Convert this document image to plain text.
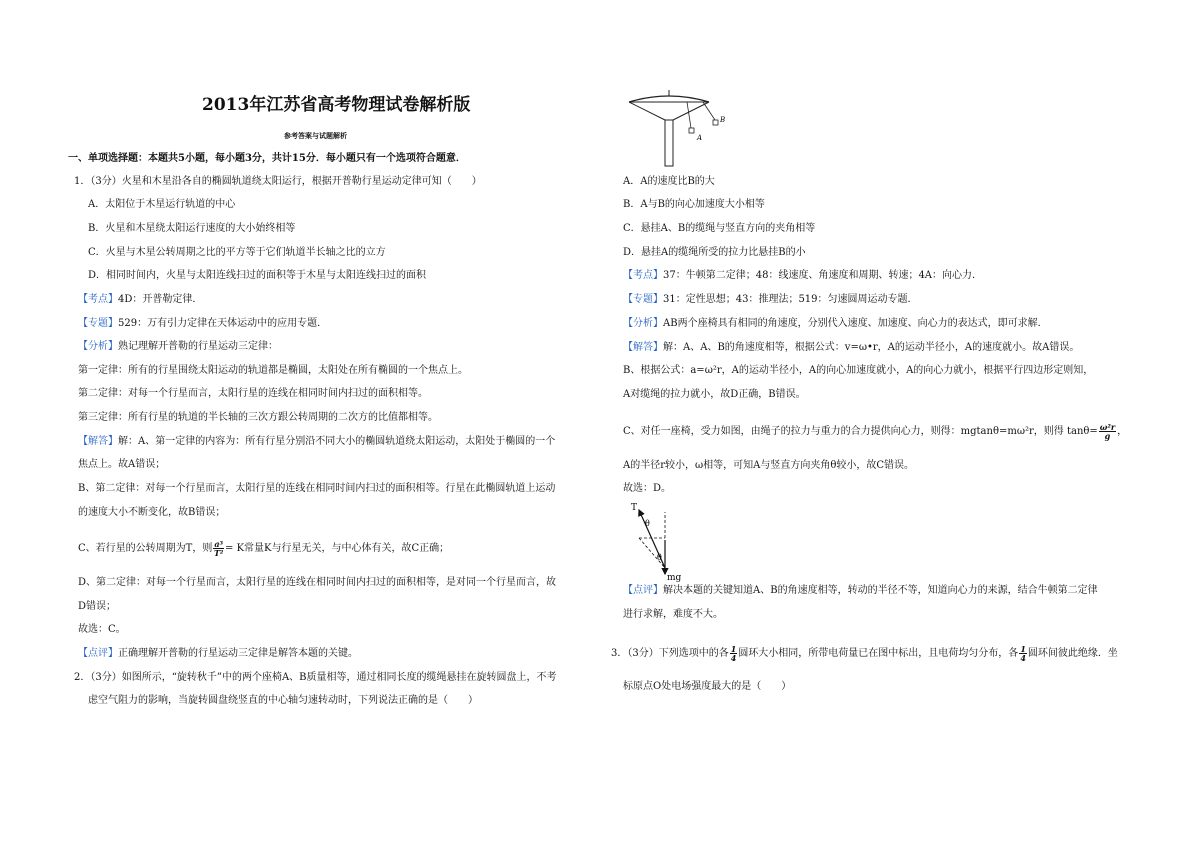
2013年江苏省高考物理试卷解析版
参考答案与试题解析
一、单项选择题：本题共5小题，每小题3分，共计15分．每小题只有一个选项符合题意．
1．（3分）火星和木星沿各自的椭圆轨道绕太阳运行，根据开普勒行星运动定律可知（　　）
A．太阳位于木星运行轨道的中心
B．火星和木星绕太阳运行速度的大小始终相等
C．火星与木星公转周期之比的平方等于它们轨道半长轴之比的立方
D．相同时间内，火星与太阳连线扫过的面积等于木星与太阳连线扫过的面积
【考点】4D：开普勒定律．
【专题】529：万有引力定律在天体运动中的应用专题．
【分析】熟记理解开普勒的行星运动三定律：
第一定律：所有的行星围绕太阳运动的轨道都是椭圆，太阳处在所有椭圆的一个焦点上。
第二定律：对每一个行星而言，太阳行星的连线在相同时间内扫过的面积相等。
第三定律：所有行星的轨道的半长轴的三次方跟公转周期的二次方的比值都相等。
【解答】解：A、第一定律的内容为：所有行星分别沿不同大小的椭圆轨道绕太阳运动，太阳处于椭圆的一个
焦点上。故A错误；
B、第二定律：对每一个行星而言，太阳行星的连线在相同时间内扫过的面积相等。行星在此椭圆轨道上运动
的速度大小不断变化，故B错误；
C、若行星的公转周期为T，则 $\frac{\text{a³}}{\text{T²}} = K$常量K与行星无关，与中心体有关，故C正确；
D、第二定律：对每一个行星而言，太阳行星的连线在相同时间内扫过的面积相等，是对同一个行星而言，故
D错误；
故选：C。
【点评】正确理解开普勒的行星运动三定律是解答本题的关键。
2．（3分）如图所示，“旋转秋千”中的两个座椅A、B质量相等，通过相同长度的缆绳悬挂在旋转圆盘上，不考
虑空气阻力的影响，当旋转圆盘绕竖直的中心轴匀速转动时，下列说法正确的是（　　）
A
B
A．A的速度比B的大
B．A与B的向心加速度大小相等
C．悬挂A、B的缆绳与竖直方向的夹角相等
D．悬挂A的缆绳所受的拉力比悬挂B的小
【考点】37：牛顿第二定律；48：线速度、角速度和周期、转速；4A：向心力．
【专题】31：定性思想；43：推理法；519：匀速圆周运动专题．
【分析】AB两个座椅具有相同的角速度，分别代入速度、加速度、向心力的表达式，即可求解．
【解答】解：A、A、B的角速度相等，根据公式：v=ω•r，A的运动半径小，A的速度就小。故A错误。
B、根据公式：a=ω²r，A的运动半径小，A的向心加速度就小，A的向心力就小，根据平行四边形定则知，
A对缆绳的拉力就小，故D正确，B错误。
C、对任一座椅，受力如图，由绳子的拉力与重力的合力提供向心力，则得：mgtanθ=mω²r，则得 $\tan\theta= \frac{\text{ω²r}}{g}$ ，
A的半径r较小，ω相等，可知A与竖直方向夹角θ较小，故C错误。
故选：D。
T
θ
θ
mg
【点评】解决本题的关键知道A、B的角速度相等，转动的半径不等，知道向心力的来源，结合牛顿第二定律
进行求解，难度不大。
3．（3分）下列选项中的各 $\frac{1}{4}$ 圆环大小相同，所带电荷量已在图中标出，且电荷均匀分布，各 $\frac{1}{4}$ 圆环间彼此绝缘．坐
标原点O处电场强度最大的是（　　）
